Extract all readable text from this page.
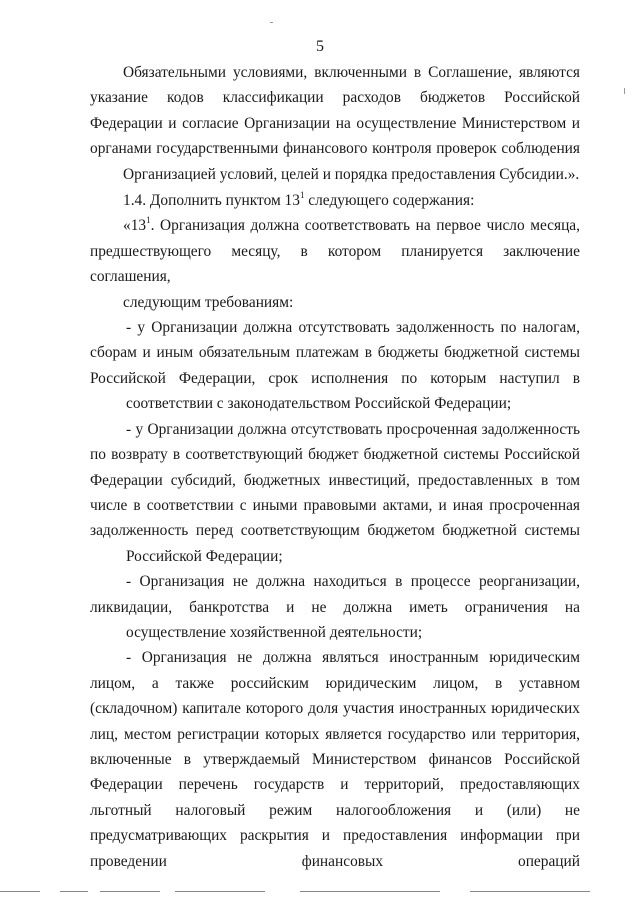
5

Обязательными условиями, включенными в Соглашение, являются указание кодов классификации расходов бюджетов Российской Федерации и согласие Организации на осуществление Министерством и органами государственными финансового контроля проверок соблюдения
Организацией условий, целей и порядка предоставления Субсидии.».

1.4. Дополнить пунктом $13^1$ следующего содержания:

«$13^1$. Организация должна соответствовать на первое число месяца, предшествующего месяцу, в котором планируется заключение соглашения,
следующим требованиям:

- у Организации должна отсутствовать задолженность по налогам, сборам и иным обязательным платежам в бюджеты бюджетной системы Российской Федерации, срок исполнения по которым наступил в
соответствии с законодательством Российской Федерации;

- у Организации должна отсутствовать просроченная задолженность по возврату в соответствующий бюджет бюджетной системы Российской Федерации субсидий, бюджетных инвестиций, предоставленных в том числе в соответствии с иными правовыми актами, и иная просроченная задолженность перед соответствующим бюджетом бюджетной системы
Российской Федерации;

- Организация не должна находиться в процессе реорганизации, ликвидации, банкротства и не должна иметь ограничения на
осуществление хозяйственной деятельности;

- Организация не должна являться иностранным юридическим лицом, а также российским юридическим лицом, в уставном (складочном) капитале которого доля участия иностранных юридических лиц, местом регистрации которых является государство или территория, включенные в утверждаемый Министерством финансов Российской Федерации перечень государств и территорий, предоставляющих льготный налоговый режим налогообложения и (или) не предусматривающих раскрытия и предоставления информации при проведении финансовых операций
